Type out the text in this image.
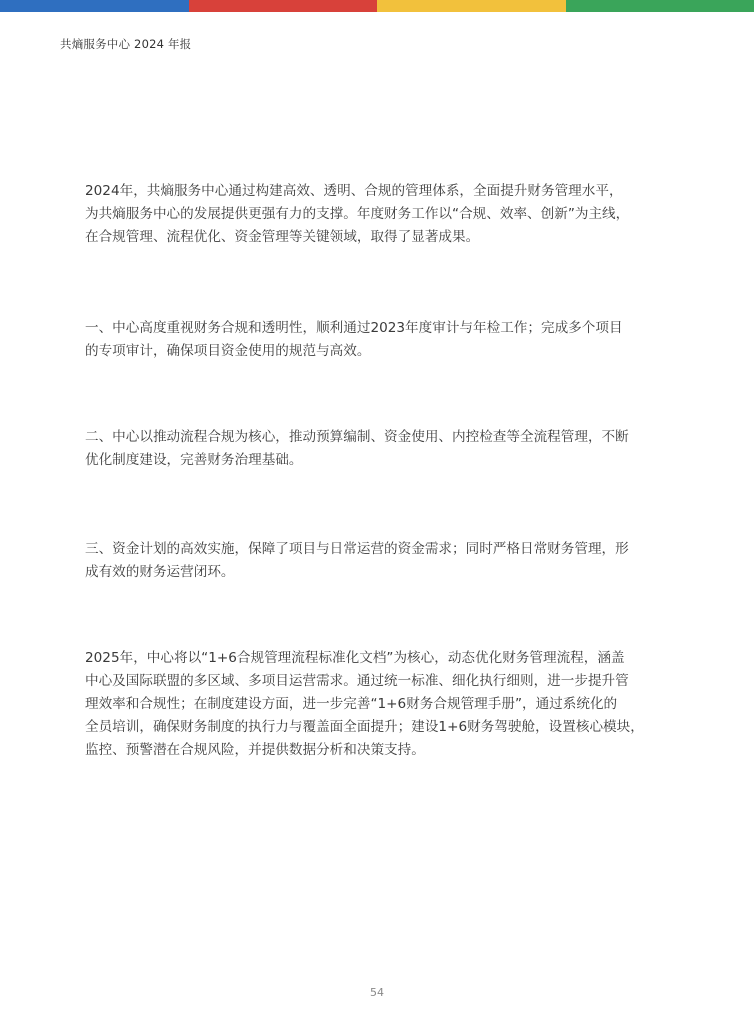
共熵服务中心 2024 年报
2024年，共熵服务中心通过构建高效、透明、合规的管理体系，全面提升财务管理水平，
为共熵服务中心的发展提供更强有力的支撑。年度财务工作以“合规、效率、创新”为主线，
在合规管理、流程优化、资金管理等关键领域，取得了显著成果。
一、中心高度重视财务合规和透明性，顺利通过2023年度审计与年检工作；完成多个项目
的专项审计，确保项目资金使用的规范与高效。
二、中心以推动流程合规为核心，推动预算编制、资金使用、内控检查等全流程管理，不断
优化制度建设，完善财务治理基础。
三、资金计划的高效实施，保障了项目与日常运营的资金需求；同时严格日常财务管理，形
成有效的财务运营闭环。
2025年，中心将以“1+6合规管理流程标准化文档”为核心，动态优化财务管理流程，涵盖
中心及国际联盟的多区域、多项目运营需求。通过统一标准、细化执行细则，进一步提升管
理效率和合规性；在制度建设方面，进一步完善“1+6财务合规管理手册”，通过系统化的
全员培训，确保财务制度的执行力与覆盖面全面提升；建设1+6财务驾驶舱，设置核心模块，
监控、预警潜在合规风险，并提供数据分析和决策支持。
54
